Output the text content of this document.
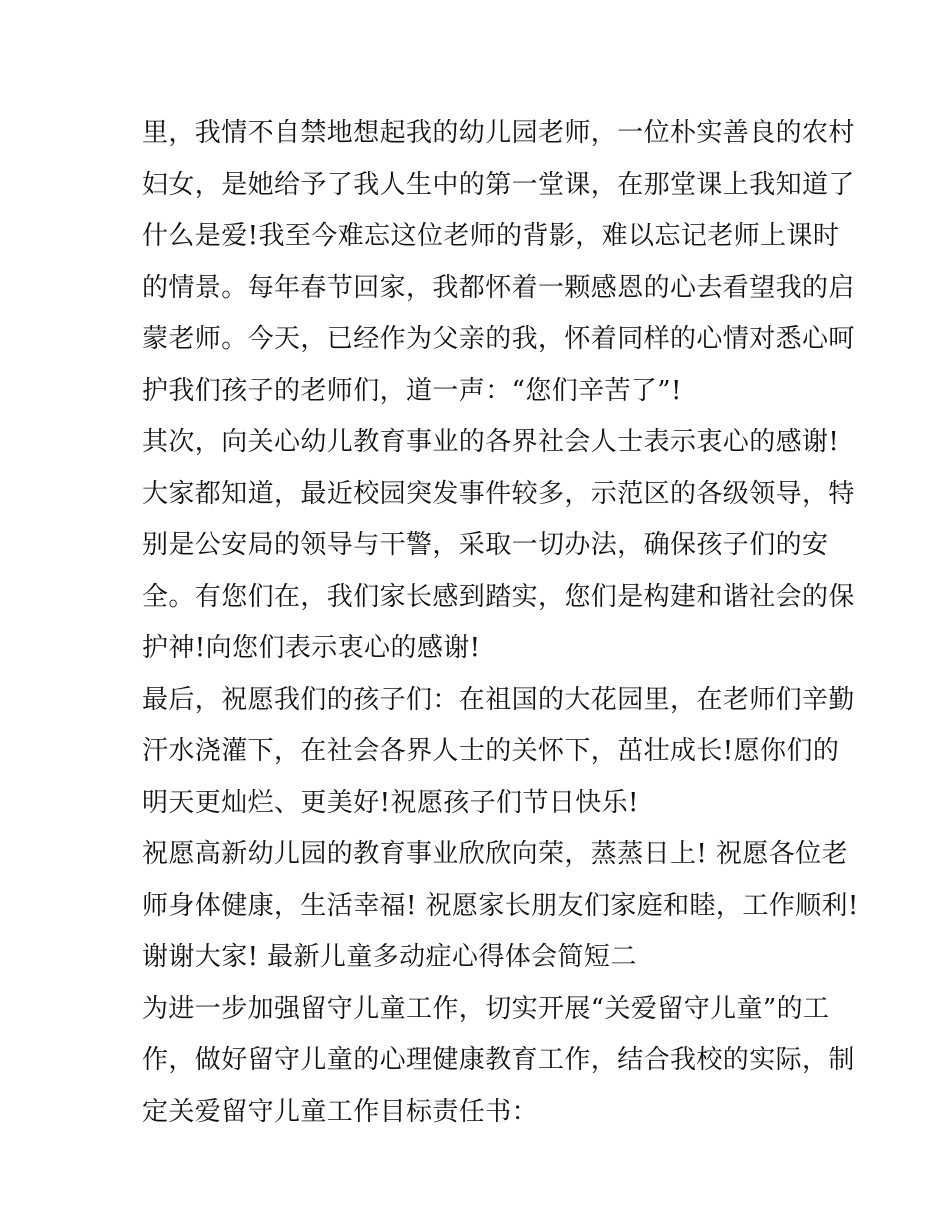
里，我情不自禁地想起我的幼儿园老师，一位朴实善良的农村
妇女，是她给予了我人生中的第一堂课，在那堂课上我知道了
什么是爱!我至今难忘这位老师的背影，难以忘记老师上课时
的情景。每年春节回家，我都怀着一颗感恩的心去看望我的启
蒙老师。今天，已经作为父亲的我，怀着同样的心情对悉心呵
护我们孩子的老师们，道一声：“您们辛苦了”!
其次，向关心幼儿教育事业的各界社会人士表示衷心的感谢!
大家都知道，最近校园突发事件较多，示范区的各级领导，特
别是公安局的领导与干警，采取一切办法，确保孩子们的安
全。有您们在，我们家长感到踏实，您们是构建和谐社会的保
护神!向您们表示衷心的感谢!
最后，祝愿我们的孩子们：在祖国的大花园里，在老师们辛勤
汗水浇灌下，在社会各界人士的关怀下，茁壮成长!愿你们的
明天更灿烂、更美好!祝愿孩子们节日快乐!
祝愿高新幼儿园的教育事业欣欣向荣，蒸蒸日上! 祝愿各位老
师身体健康，生活幸福! 祝愿家长朋友们家庭和睦，工作顺利!
谢谢大家! 最新儿童多动症心得体会简短二
为进一步加强留守儿童工作，切实开展“关爱留守儿童”的工
作，做好留守儿童的心理健康教育工作，结合我校的实际，制
定关爱留守儿童工作目标责任书：
